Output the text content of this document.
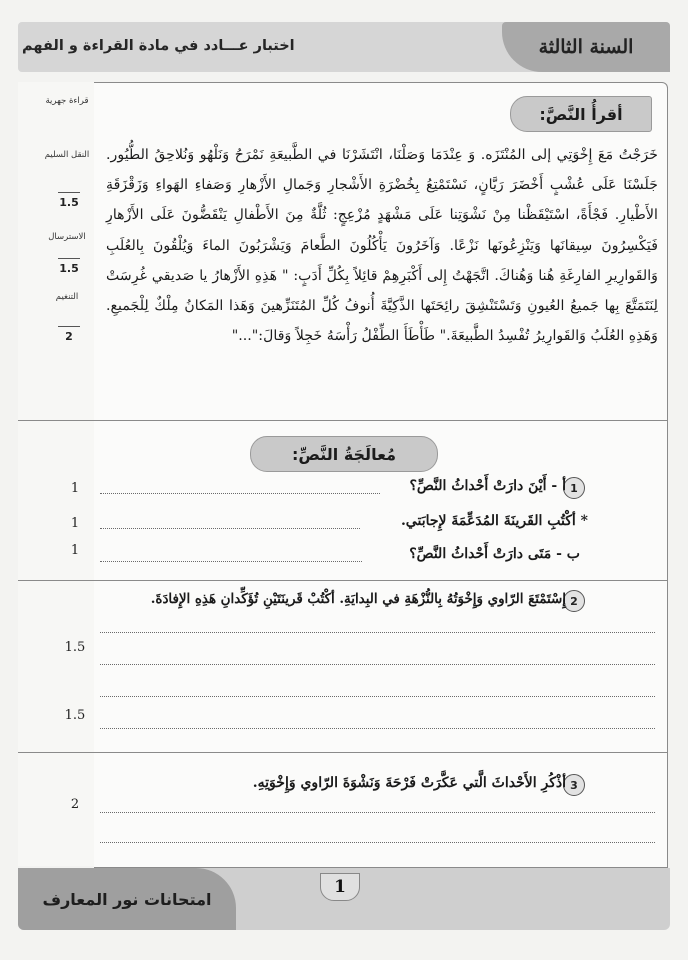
السنة الثالثة
اختبار عـــادد في مادة القراءة و الفهم
قراءة جهرية
النقل السليم
1.5
الاسترسال
1.5
التنغيم
2
أقرأُ النَّصَّ:
خَرَجْتُ مَعَ إِخْوَتِي إلى المُنْتَزَه. وَ عِنْدَمَا وَصَلْنَا، انْتَشَرْنَا في الطَّبيعَةِ نَمْرَحُ وَنَلْهُو وَنُلاحِقُ الطُّيُور. جَلَسْنَا عَلَى عُشْبٍ أَخْضَرَ رَيَّانٍ، نَسْتَمْتِعُ بِخُضْرَةِ الأَشْجارِ وَجَمالِ الأَزْهارِ وَصَفاءِ الهَواءِ وَزَقْزَقَةِ الأَطْيارِ. فَجْأَةً، اسْتَيْقَظْنا مِنْ نَشْوَتِنا عَلَى مَشْهَدٍ مُزْعِجٍ: ثُلَّةٌ مِنَ الأَطْفالِ يَنْقَضُّونَ عَلَى الأَزْهارِ فَيَكْسِرُونَ سِيقانَها وَيَنْزِعُونَها نَزْعًا. وَآخَرُونَ يَأْكُلُونَ الطَّعامَ وَيَشْرَبُونَ الماءَ وَيُلْقُونَ بِالعُلَبِ وَالقَوارِيرِ الفارِغَةِ هُنا وَهُناكَ. اتَّجَهْتُ إِلى أَكْبَرِهِمْ قائِلاً بِكُلِّ أَدَبٍ: " هَذِهِ الأَزْهارُ يا صَديقي غُرِسَتْ لِنَتَمَتَّعَ بِها جَميعُ العُيونِ وَتَسْتَنْشِقَ رائِحَتَها الذَّكِيَّةَ أُنوفُ كُلِّ المُتَنَزِّهينَ وَهَذا المَكانُ مِلْكٌ لِلْجَميعِ. وَهَذِهِ العُلَبُ وَالقَوارِيرُ تُفْسِدُ الطَّبيعَةَ." طَأْطَأَ الطِّفْلُ رَأْسَهُ خَجِلاً وَقالَ:"..."
مُعالَجَةُ النَّصِّ:
1
أ - أَيْنَ دارَتْ أَحْداثُ النَّصِّ؟
1
* أكْتُبِ القَرينَةَ المُدَعِّمَةَ لإِجابَتي.
1
ب - مَتَى دارَتْ أَحْداثُ النَّصِّ؟
1
2
إِسْتَمْتَعَ الرّاوي وَإِخْوَتُهُ بِالنُّزْهَةِ في البِدايَةِ. أكْتُبْ قَرينَتَيْنِ تُؤَكِّدانِ هَذِهِ الإِفادَةَ.
1.5
1.5
3
أذْكُرِ الأَحْداثَ الَّتي عَكَّرَتْ فَرْحَةَ وَنَشْوَةَ الرّاوي وَإِخْوَتِهِ.
2
امتحانات نور المعارف
1
